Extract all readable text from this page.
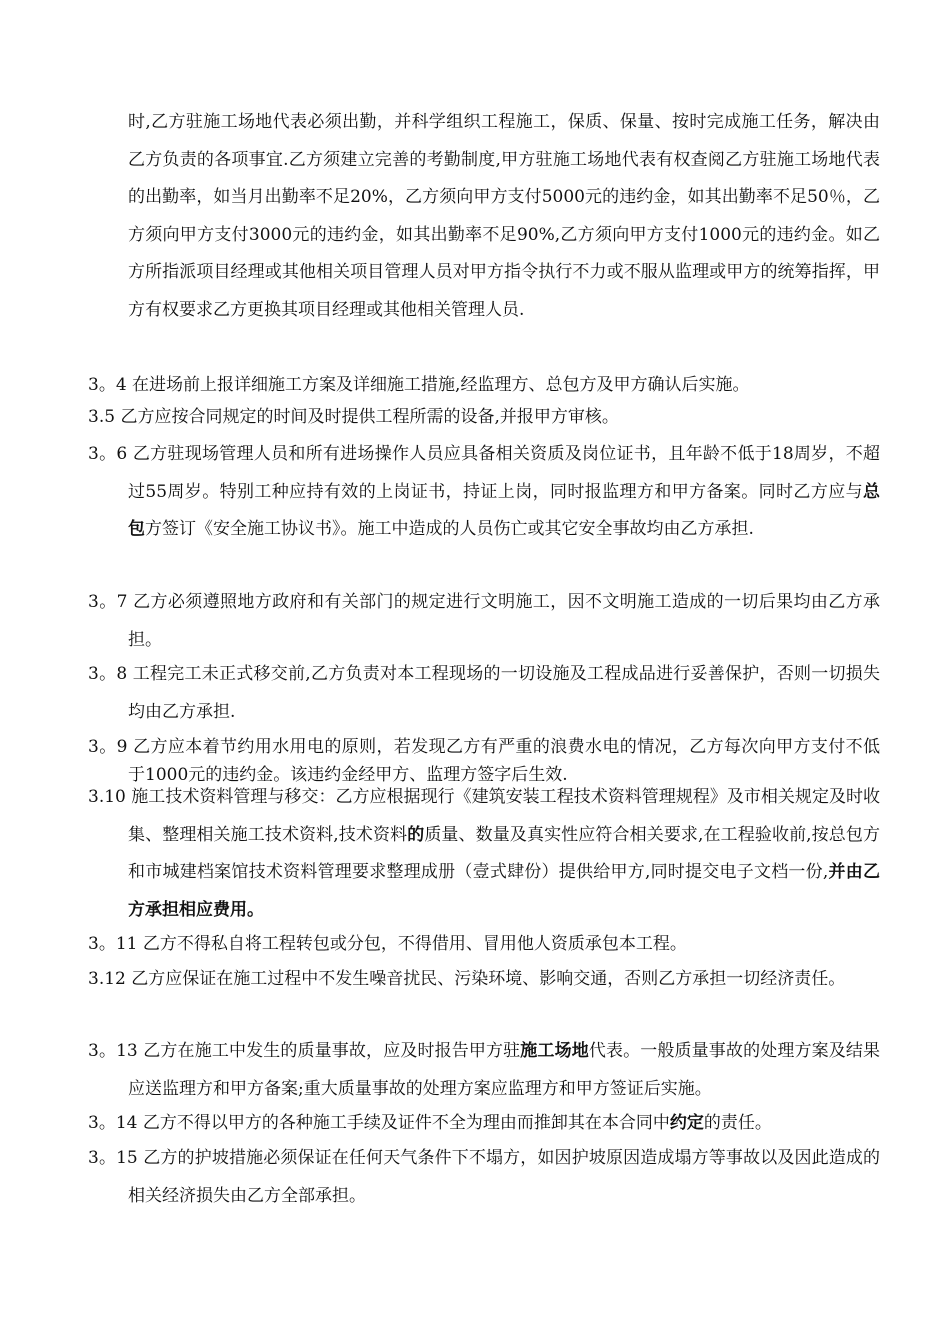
时,乙方驻施工场地代表必须出勤，并科学组织工程施工，保质、保量、按时完成施工任务，解决由乙方负责的各项事宜.乙方须建立完善的考勤制度,甲方驻施工场地代表有权查阅乙方驻施工场地代表的出勤率，如当月出勤率不足20%，乙方须向甲方支付5000元的违约金，如其出勤率不足50％，乙方须向甲方支付3000元的违约金，如其出勤率不足90%,乙方须向甲方支付1000元的违约金。如乙方所指派项目经理或其他相关项目管理人员对甲方指令执行不力或不服从监理或甲方的统筹指挥，甲方有权要求乙方更换其项目经理或其他相关管理人员.

3。4 在进场前上报详细施工方案及详细施工措施,经监理方、总包方及甲方确认后实施。

3.5 乙方应按合同规定的时间及时提供工程所需的设备,并报甲方审核。

3。6 乙方驻现场管理人员和所有进场操作人员应具备相关资质及岗位证书，且年龄不低于18周岁，不超过55周岁。特别工种应持有效的上岗证书，持证上岗，同时报监理方和甲方备案。同时乙方应与总包方签订《安全施工协议书》。施工中造成的人员伤亡或其它安全事故均由乙方承担.

3。7 乙方必须遵照地方政府和有关部门的规定进行文明施工，因不文明施工造成的一切后果均由乙方承担。

3。8 工程完工未正式移交前,乙方负责对本工程现场的一切设施及工程成品进行妥善保护，否则一切损失均由乙方承担.

3。9 乙方应本着节约用水用电的原则，若发现乙方有严重的浪费水电的情况，乙方每次向甲方支付不低于1000元的违约金。该违约金经甲方、监理方签字后生效.

3.10 施工技术资料管理与移交：乙方应根据现行《建筑安装工程技术资料管理规程》及市相关规定及时收集、整理相关施工技术资料,技术资料的质量、数量及真实性应符合相关要求,在工程验收前,按总包方和市城建档案馆技术资料管理要求整理成册（壹式肆份）提供给甲方,同时提交电子文档一份,并由乙方承担相应费用。

3。11 乙方不得私自将工程转包或分包，不得借用、冒用他人资质承包本工程。

3.12 乙方应保证在施工过程中不发生噪音扰民、污染环境、影响交通，否则乙方承担一切经济责任。

3。13 乙方在施工中发生的质量事故，应及时报告甲方驻施工场地代表。一般质量事故的处理方案及结果应送监理方和甲方备案;重大质量事故的处理方案应监理方和甲方签证后实施。

3。14 乙方不得以甲方的各种施工手续及证件不全为理由而推卸其在本合同中约定的责任。

3。15 乙方的护坡措施必须保证在任何天气条件下不塌方，如因护坡原因造成塌方等事故以及因此造成的相关经济损失由乙方全部承担。
